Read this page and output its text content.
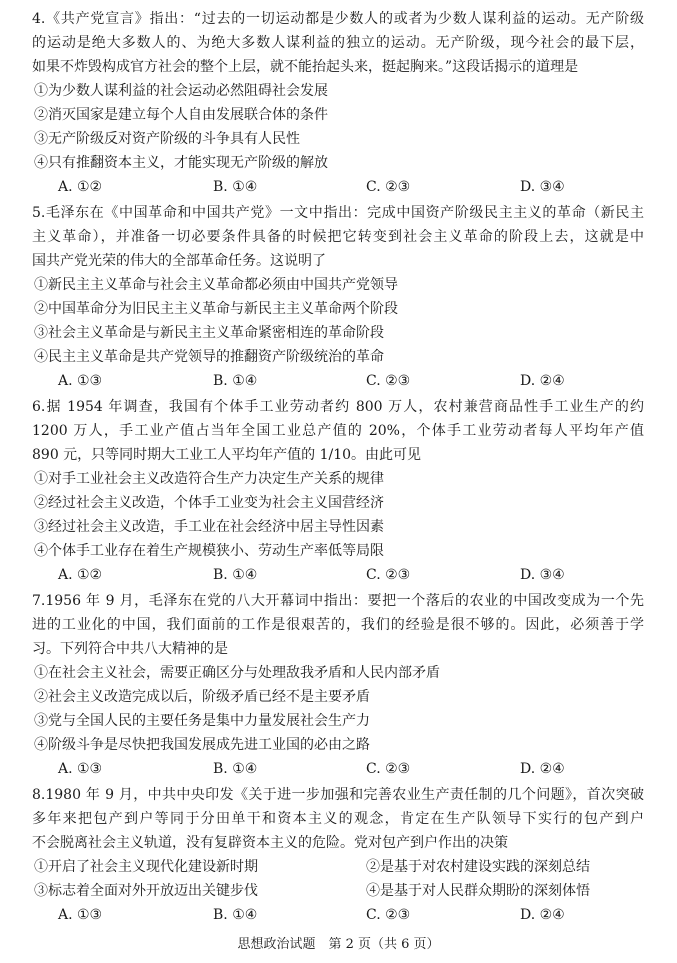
4.《共产党宣言》指出：“过去的一切运动都是少数人的或者为少数人谋利益的运动。无产阶级
的运动是绝大多数人的、为绝大多数人谋利益的独立的运动。无产阶级，现今社会的最下层，
如果不炸毁构成官方社会的整个上层，就不能抬起头来，挺起胸来。”这段话揭示的道理是
①为少数人谋利益的社会运动必然阻碍社会发展
②消灭国家是建立每个人自由发展联合体的条件
③无产阶级反对资产阶级的斗争具有人民性
④只有推翻资本主义，才能实现无产阶级的解放
A. ①②	B. ①④	C. ②③	D. ③④
5.毛泽东在《中国革命和中国共产党》一文中指出：完成中国资产阶级民主主义的革命（新民主
主义革命），并准备一切必要条件具备的时候把它转变到社会主义革命的阶段上去，这就是中
国共产党光荣的伟大的全部革命任务。这说明了
①新民主主义革命与社会主义革命都必须由中国共产党领导
②中国革命分为旧民主主义革命与新民主主义革命两个阶段
③社会主义革命是与新民主主义革命紧密相连的革命阶段
④民主主义革命是共产党领导的推翻资产阶级统治的革命
A. ①③	B. ①④	C. ②③	D. ②④
6.据 1954 年调查，我国有个体手工业劳动者约 800 万人，农村兼营商品性手工业生产的约
1200 万人，手工业产值占当年全国工业总产值的 20%，个体手工业劳动者每人平均年产值
890 元，只等同时期大工业工人平均年产值的 1/10。由此可见
①对手工业社会主义改造符合生产力决定生产关系的规律
②经过社会主义改造，个体手工业变为社会主义国营经济
③经过社会主义改造，手工业在社会经济中居主导性因素
④个体手工业存在着生产规模狭小、劳动生产率低等局限
A. ①②	B. ①④	C. ②③	D. ③④
7.1956 年 9 月，毛泽东在党的八大开幕词中指出：要把一个落后的农业的中国改变成为一个先
进的工业化的中国，我们面前的工作是很艰苦的，我们的经验是很不够的。因此，必须善于学
习。下列符合中共八大精神的是
①在社会主义社会，需要正确区分与处理敌我矛盾和人民内部矛盾
②社会主义改造完成以后，阶级矛盾已经不是主要矛盾
③党与全国人民的主要任务是集中力量发展社会生产力
④阶级斗争是尽快把我国发展成先进工业国的必由之路
A. ①③	B. ①④	C. ②③	D. ②④
8.1980 年 9 月，中共中央印发《关于进一步加强和完善农业生产责任制的几个问题》，首次突破
多年来把包产到户等同于分田单干和资本主义的观念，肯定在生产队领导下实行的包产到户
不会脱离社会主义轨道，没有复辟资本主义的危险。党对包产到户作出的决策
①开启了社会主义现代化建设新时期	②是基于对农村建设实践的深刻总结
③标志着全面对外开放迈出关键步伐	④是基于对人民群众期盼的深刻体悟
A. ①③	B. ①④	C. ②③	D. ②④
思想政治试题　第 2 页（共 6 页）
